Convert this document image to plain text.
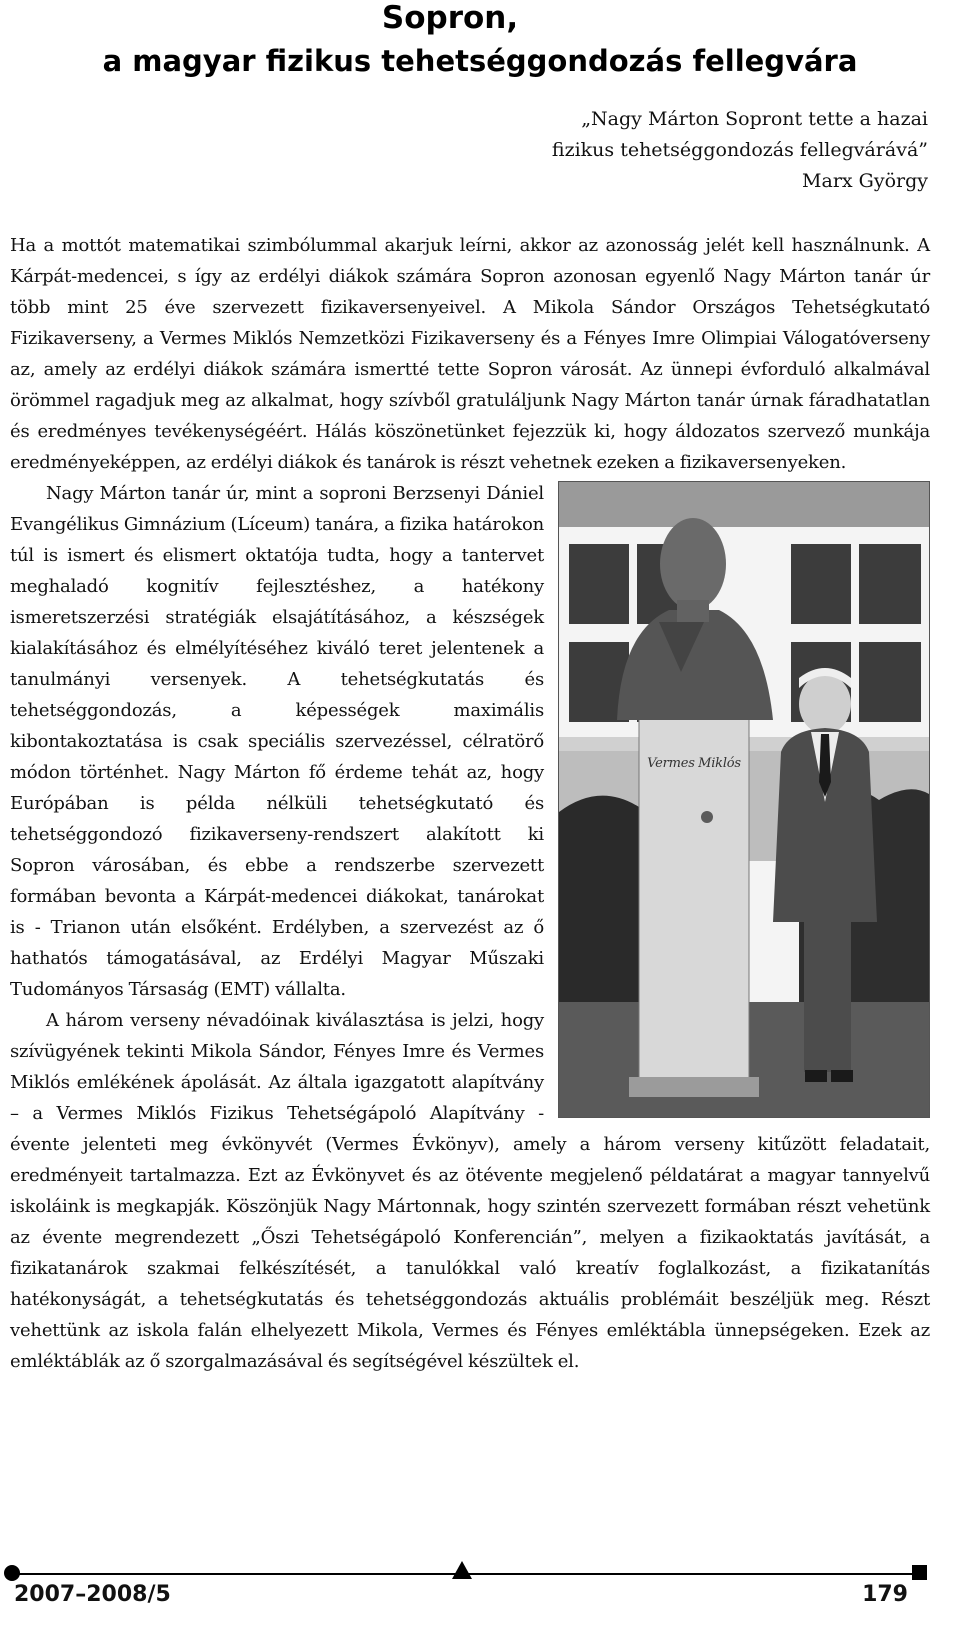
Sopron,
a magyar fizikus tehetséggondozás fellegvára
„Nagy Márton Sopront tette a hazai
fizikus tehetséggondozás fellegvárává”
Marx György

Ha a mottót matematikai szimbólummal akarjuk leírni, akkor az azonosság jelét kell használnunk. A Kárpát-medencei, s így az erdélyi diákok számára Sopron azonosan egyenlő Nagy Márton tanár úr több mint 25 éve szervezett fizikaversenyeivel. A Mikola Sándor Országos Tehetségkutató Fizikaverseny, a Vermes Miklós Nemzetközi Fizikaverseny és a Fényes Imre Olimpiai Válogatóverseny az, amely az erdélyi diákok számára ismertté tette Sopron városát. Az ünnepi évforduló alkalmával örömmel ragadjuk meg az alkalmat, hogy szívből gratuláljunk Nagy Márton tanár úrnak fáradhatatlan és eredményes tevékenységéért. Hálás köszönetünket fejezzük ki, hogy áldozatos szervező munkája eredményeképpen, az erdélyi diákok és tanárok is részt vehetnek ezeken a fizikaversenyeken.

Vermes Miklós

Nagy Márton tanár úr, mint a soproni Berzsenyi Dániel Evangélikus Gimnázium (Líceum) tanára, a fizika határokon túl is ismert és elismert oktatója tudta, hogy a tantervet meghaladó kognitív fejlesztéshez, a hatékony ismeretszerzési stratégiák elsajátításához, a készségek kialakításához és elmélyítéséhez kiváló teret jelentenek a tanulmányi versenyek. A tehetségkutatás és tehetséggondozás, a képességek maximális kibontakoztatása is csak speciális szervezéssel, célratörő módon történhet. Nagy Márton fő érdeme tehát az, hogy Európában is példa nélküli tehetségkutató és tehetséggondozó fizikaverseny-rendszert alakított ki Sopron városában, és ebbe a rendszerbe szervezett formában bevonta a Kárpát-medencei diákokat, tanárokat is - Trianon után elsőként. Erdélyben, a szervezést az ő hathatós támogatásával, az Erdélyi Magyar Műszaki Tudományos Társaság (EMT) vállalta.

A három verseny névadóinak kiválasztása is jelzi, hogy szívügyének tekinti Mikola Sándor, Fényes Imre és Vermes Miklós emlékének ápolását. Az általa igazgatott alapítvány – a Vermes Miklós Fizikus Tehetségápoló Alapítvány - évente jelenteti meg évkönyvét (Vermes Évkönyv), amely a három verseny kitűzött feladatait, eredményeit tartalmazza. Ezt az Évkönyvet és az ötévente megjelenő példatárat a magyar tannyelvű iskoláink is megkapják. Köszönjük Nagy Mártonnak, hogy szintén szervezett formában részt vehetünk az évente megrendezett „Őszi Tehetségápoló Konferencián”, melyen a fizikaoktatás javítását, a fizikatanárok szakmai felkészítését, a tanulókkal való kreatív foglalkozást, a fizikatanítás hatékonyságát, a tehetségkutatás és tehetséggondozás aktuális problémáit beszéljük meg. Részt vehettünk az iskola falán elhelyezett Mikola, Vermes és Fényes emléktábla ünnepségeken. Ezek az emléktáblák az ő szorgalmazásával és segítségével készültek el.

2007–2008/5	179
